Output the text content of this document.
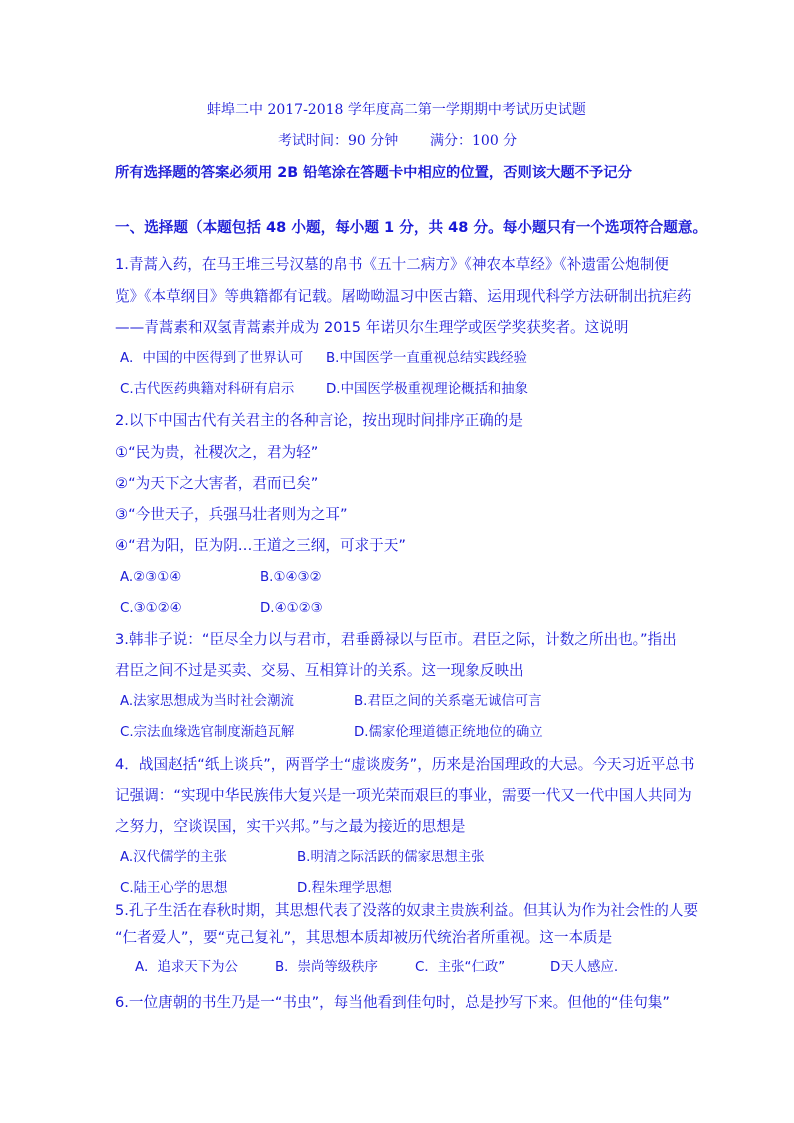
蚌埠二中 2017-2018 学年度高二第一学期期中考试历史试题
考试时间：90 分钟 满分：100 分
所有选择题的答案必须用 2B 铅笔涂在答题卡中相应的位置，否则该大题不予记分
一、选择题（本题包括 48 小题，每小题 1 分，共 48 分。每小题只有一个选项符合题意。
1.青蒿入药，在马王堆三号汉墓的帛书《五十二病方》《神农本草经》《补遗雷公炮制便
览》《本草纲目》等典籍都有记载。屠呦呦温习中医古籍、运用现代科学方法研制出抗疟药
——青蒿素和双氢青蒿素并成为 2015 年诺贝尔生理学或医学奖获奖者。这说明
A．中国的中医得到了世界认可 B.中国医学一直重视总结实践经验
C.古代医药典籍对科研有启示 D.中国医学极重视理论概括和抽象
2.以下中国古代有关君主的各种言论，按出现时间排序正确的是
①“民为贵，社稷次之，君为轻”
②“为天下之大害者，君而已矣”
③“今世天子，兵强马壮者则为之耳”
④“君为阳，臣为阴…王道之三纲，可求于天”
A.②③①④	B.①④③②
C.③①②④	D.④①②③
3.韩非子说：“臣尽全力以与君市，君垂爵禄以与臣市。君臣之际，计数之所出也。”指出
君臣之间不过是买卖、交易、互相算计的关系。这一现象反映出
A.法家思想成为当时社会潮流	B.君臣之间的关系毫无诚信可言
C.宗法血缘选官制度渐趋瓦解	D.儒家伦理道德正统地位的确立
4．战国赵括“纸上谈兵”，两晋学士“虚谈废务”，历来是治国理政的大忌。今天习近平总书
记强调：“实现中华民族伟大复兴是一项光荣而艰巨的事业，需要一代又一代中国人共同为
之努力，空谈误国，实干兴邦。”与之最为接近的思想是
A.汉代儒学的主张	B.明清之际活跃的儒家思想主张
C.陆王心学的思想	D.程朱理学思想
5.孔子生活在春秋时期，其思想代表了没落的奴隶主贵族利益。但其认为作为社会性的人要
“仁者爱人”，要“克己复礼”，其思想本质却被历代统治者所重视。这一本质是
A．追求天下为公	B．崇尚等级秩序	C．主张“仁政”	D天人感应.
6.一位唐朝的书生乃是一“书虫”，每当他看到佳句时，总是抄写下来。但他的“佳句集”
